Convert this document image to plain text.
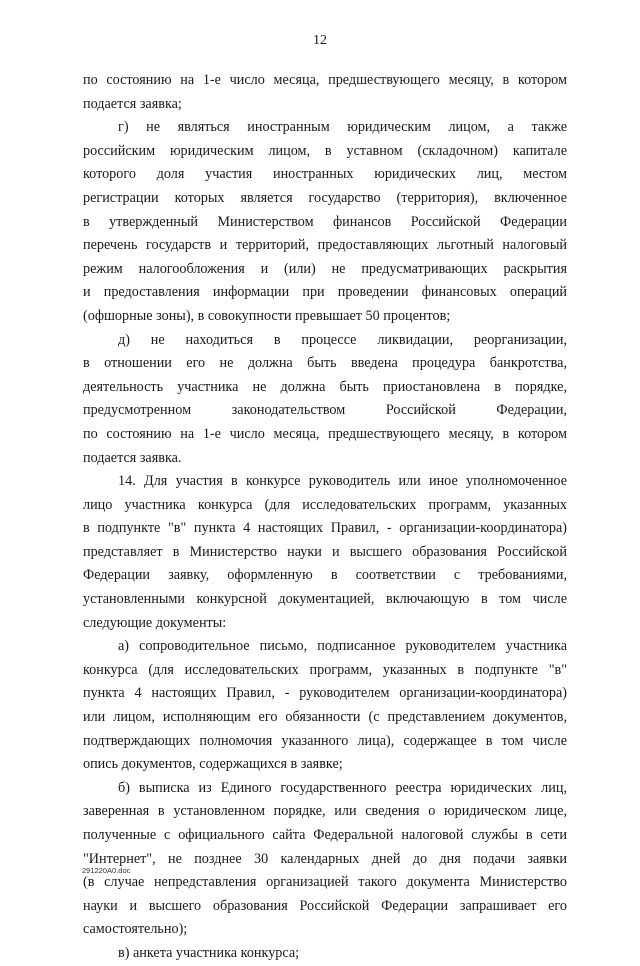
12
по состоянию на 1-е число месяца, предшествующего месяцу, в котором
подается заявка;
г) не являться иностранным юридическим лицом, а также
российским юридическим лицом, в уставном (складочном) капитале
которого доля участия иностранных юридических лиц, местом
регистрации которых является государство (территория), включенное
в утвержденный Министерством финансов Российской Федерации
перечень государств и территорий, предоставляющих льготный налоговый
режим налогообложения и (или) не предусматривающих раскрытия
и предоставления информации при проведении финансовых операций
(офшорные зоны), в совокупности превышает 50 процентов;
д) не находиться в процессе ликвидации, реорганизации,
в отношении его не должна быть введена процедура банкротства,
деятельность участника не должна быть приостановлена в порядке,
предусмотренном законодательством Российской Федерации,
по состоянию на 1-е число месяца, предшествующего месяцу, в котором
подается заявка.
14. Для участия в конкурсе руководитель или иное уполномоченное
лицо участника конкурса (для исследовательских программ, указанных
в подпункте "в" пункта 4 настоящих Правил, - организации-координатора)
представляет в Министерство науки и высшего образования Российской
Федерации заявку, оформленную в соответствии с требованиями,
установленными конкурсной документацией, включающую в том числе
следующие документы:
а) сопроводительное письмо, подписанное руководителем участника
конкурса (для исследовательских программ, указанных в подпункте "в"
пункта 4 настоящих Правил, - руководителем организации-координатора)
или лицом, исполняющим его обязанности (с представлением документов,
подтверждающих полномочия указанного лица), содержащее в том числе
опись документов, содержащихся в заявке;
б) выписка из Единого государственного реестра юридических лиц,
заверенная в установленном порядке, или сведения о юридическом лице,
полученные с официального сайта Федеральной налоговой службы в сети
"Интернет", не позднее 30 календарных дней до дня подачи заявки
(в случае непредставления организацией такого документа Министерство
науки и высшего образования Российской Федерации запрашивает его
самостоятельно);
в) анкета участника конкурса;
291220A0.doc
